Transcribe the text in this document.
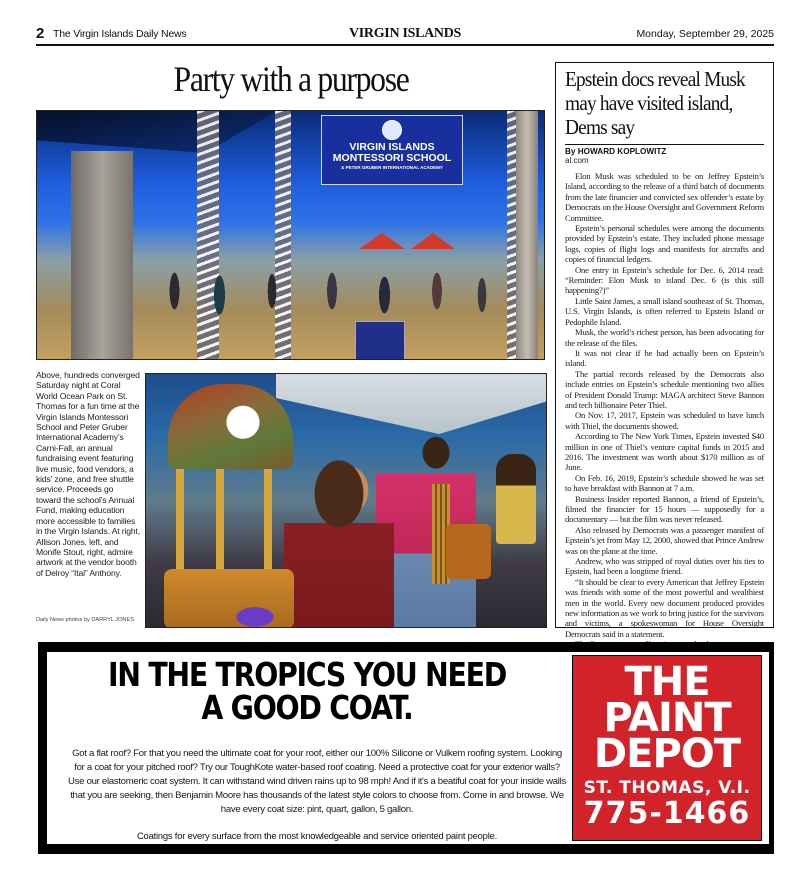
2 The Virgin Islands Daily News	VIRGIN ISLANDS	Monday, September 29, 2025
Party with a purpose
VIRGIN ISLANDS
MONTESSORI SCHOOL
& PETER GRUBER INTERNATIONAL ACADEMY
Above, hundreds converged Saturday night at Coral World Ocean Park on St. Thomas for a fun time at the Virgin Islands Montessori School and Peter Gruber International Academy’s Carni-Fall, an annual fundraising event featuring live music, food vendors, a kids’ zone, and free shuttle service. Proceeds go toward the school’s Annual Fund, making education more accessible to families in the Virgin Islands. At right, Allison Jones, left, and Monife Stout, right, admire artwork at the vendor booth of Delroy “Ital” Anthony.
Daily News photos by DARRYL JONES
Epstein docs reveal Musk may have visited island, Dems say
By HOWARD KOPLOWITZ
al.com

Elon Musk was scheduled to be on Jeffrey Epstein’s Island, according to the release of a third batch of documents from the late financier and convicted sex offender’s estate by Democrats on the House Oversight and Government Reform Committee.

Epstein’s personal schedules were among the documents provided by Epstein’s estate. They included phone message logs, copies of flight logs and manifests for aircrafts and copies of financial ledgers.

One entry in Epstein’s schedule for Dec. 6, 2014 read: “Reminder: Elon Musk to island Dec. 6 (is this still happening?)”

Little Saint James, a small island southeast of St. Thomas, U.S. Virgin Islands, is often referred to Epstein Island or Pedophile Island.

Musk, the world’s richest person, has been advocating for the release of the files.

It was not clear if he had actually been on Epstein’s island.

The partial records released by the Democrats also include entries on Epstein’s schedule mentioning two allies of President Donald Trump: MAGA architect Steve Bannon and tech billionaire Peter Thiel.

On Nov. 17, 2017, Epstein was scheduled to have lunch with Thiel, the documents showed.

According to The New York Times, Epstein invested $40 million in one of Thiel’s venture capital funds in 2015 and 2016. The investment was worth about $170 million as of June.

On Feb. 16, 2019, Epstein’s schedule showed he was set to have breakfast with Bannon at 7 a.m.

Business Insider reported Bannon, a friend of Epstein’s, filmed the financier for 15 hours — supposedly for a documentary — but the film was never released.

Also released by Democrats was a passenger manifest of Epstein’s jet from May 12, 2000, showed that Prince Andrew was on the plane at the time.

Andrew, who was stripped of royal duties over his ties to Epstein, had been a longtime friend.

“It should be clear to every American that Jeffrey Epstein was friends with some of the most powerful and wealthiest men in the world. Every new document produced provides new information as we work to bring justice for the survivors and victims, a spokeswoman for House Oversight Democrats said in a statement.

IN THE TROPICS YOU NEED
A GOOD COAT.
Got a flat roof? For that you need the ultimate coat for your roof, either our 100% Silicone or Vulkem roofing system. Looking for a coat for your pitched roof? Try our ToughKote water-based roof coating. Need a protective coat for your exterior walls? Use our elastomeric coat system. It can withstand wind driven rains up to 98 mph! And if it's a beatiful coat for your inside walls that you are seeking, then Benjamin Moore has thousands of the latest style colors to choose from. Come in and browse. We have every coat size: pint, quart, gallon, 5 gallon.
Coatings for every surface from the most knowledgeable and service oriented paint people.
THE
PAINT
DEPOT
ST. THOMAS, V.I.
775-1466
